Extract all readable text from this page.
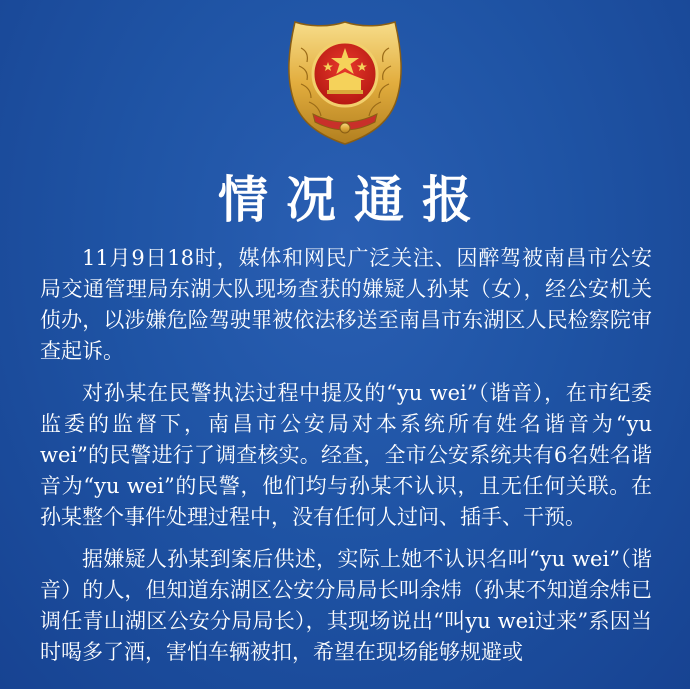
情况通报

11月9日18时，媒体和网民广泛关注、因醉驾被南昌市公安局交通管理局东湖大队现场查获的嫌疑人孙某（女），经公安机关侦办，以涉嫌危险驾驶罪被依法移送至南昌市东湖区人民检察院审查起诉。

对孙某在民警执法过程中提及的“yu wei”（谐音），在市纪委监委的监督下，南昌市公安局对本系统所有姓名谐音为“yu wei”的民警进行了调查核实。经查，全市公安系统共有6名姓名谐音为“yu wei”的民警，他们均与孙某不认识，且无任何关联。在孙某整个事件处理过程中，没有任何人过问、插手、干预。

据嫌疑人孙某到案后供述，实际上她不认识名叫“yu wei”（谐音）的人，但知道东湖区公安分局局长叫余炜（孙某不知道余炜已调任青山湖区公安分局局长），其现场说出“叫yu wei过来”系因当时喝多了酒，害怕车辆被扣，希望在现场能够规避或
